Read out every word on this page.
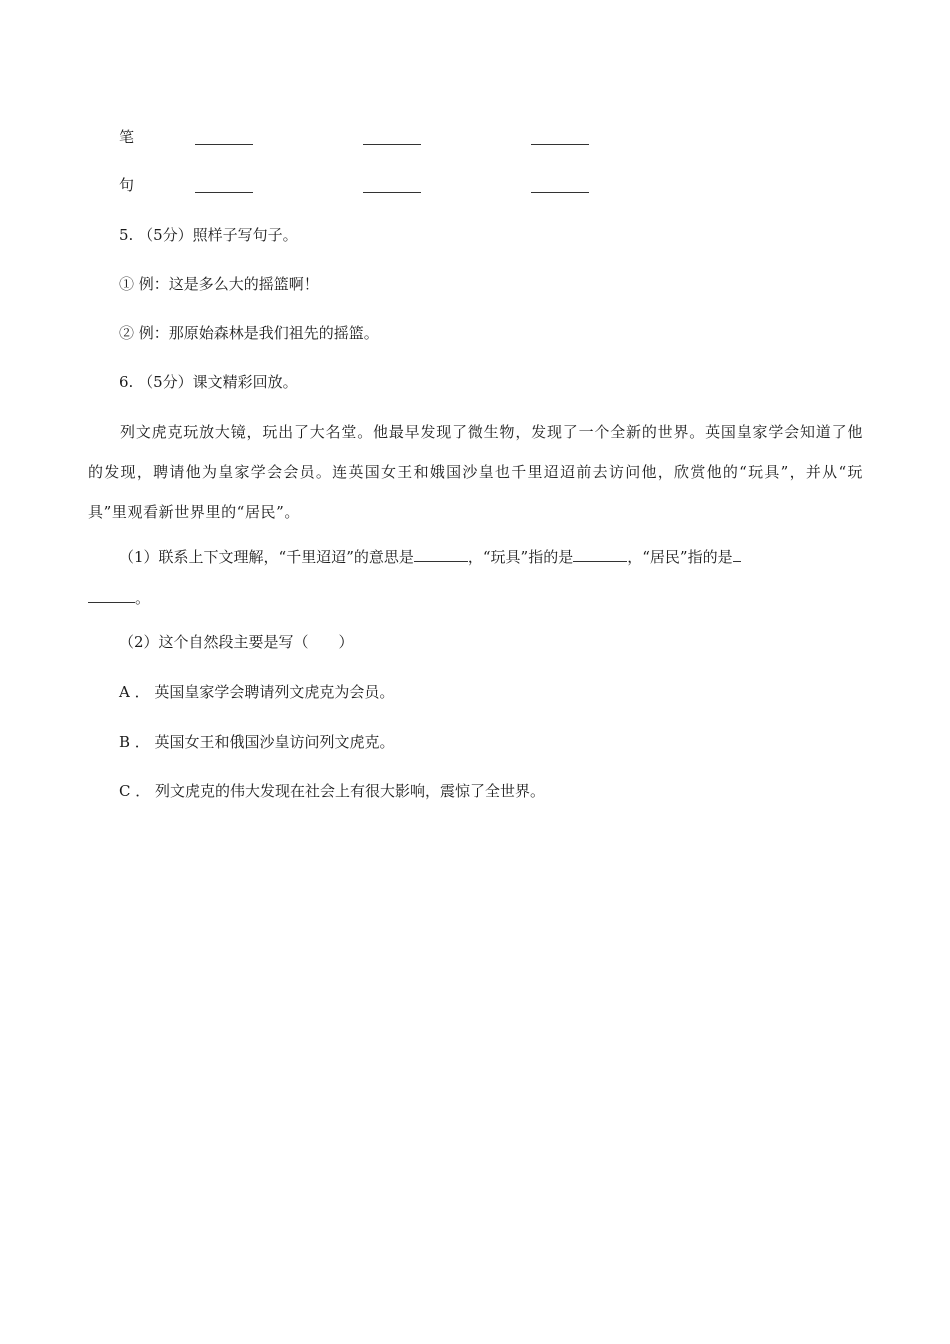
笔
句
5. （5分）照样子写句子。
① 例：这是多么大的摇篮啊！
② 例：那原始森林是我们祖先的摇篮。
6. （5分）课文精彩回放。
列文虎克玩放大镜，玩出了大名堂。他最早发现了微生物，发现了一个全新的世界。英国皇家学会知道了他的发现，聘请他为皇家学会会员。连英国女王和娥国沙皇也千里迢迢前去访问他，欣赏他的“玩具”，并从“玩具”里观看新世界里的“居民”。
（1）联系上下文理解，“千里迢迢”的意思是	，“玩具”指的是	，“居民”指的是
。
（2）这个自然段主要是写（　　）
A ． 英国皇家学会聘请列文虎克为会员。
B ． 英国女王和俄国沙皇访问列文虎克。
C ． 列文虎克的伟大发现在社会上有很大影响，震惊了全世界。
